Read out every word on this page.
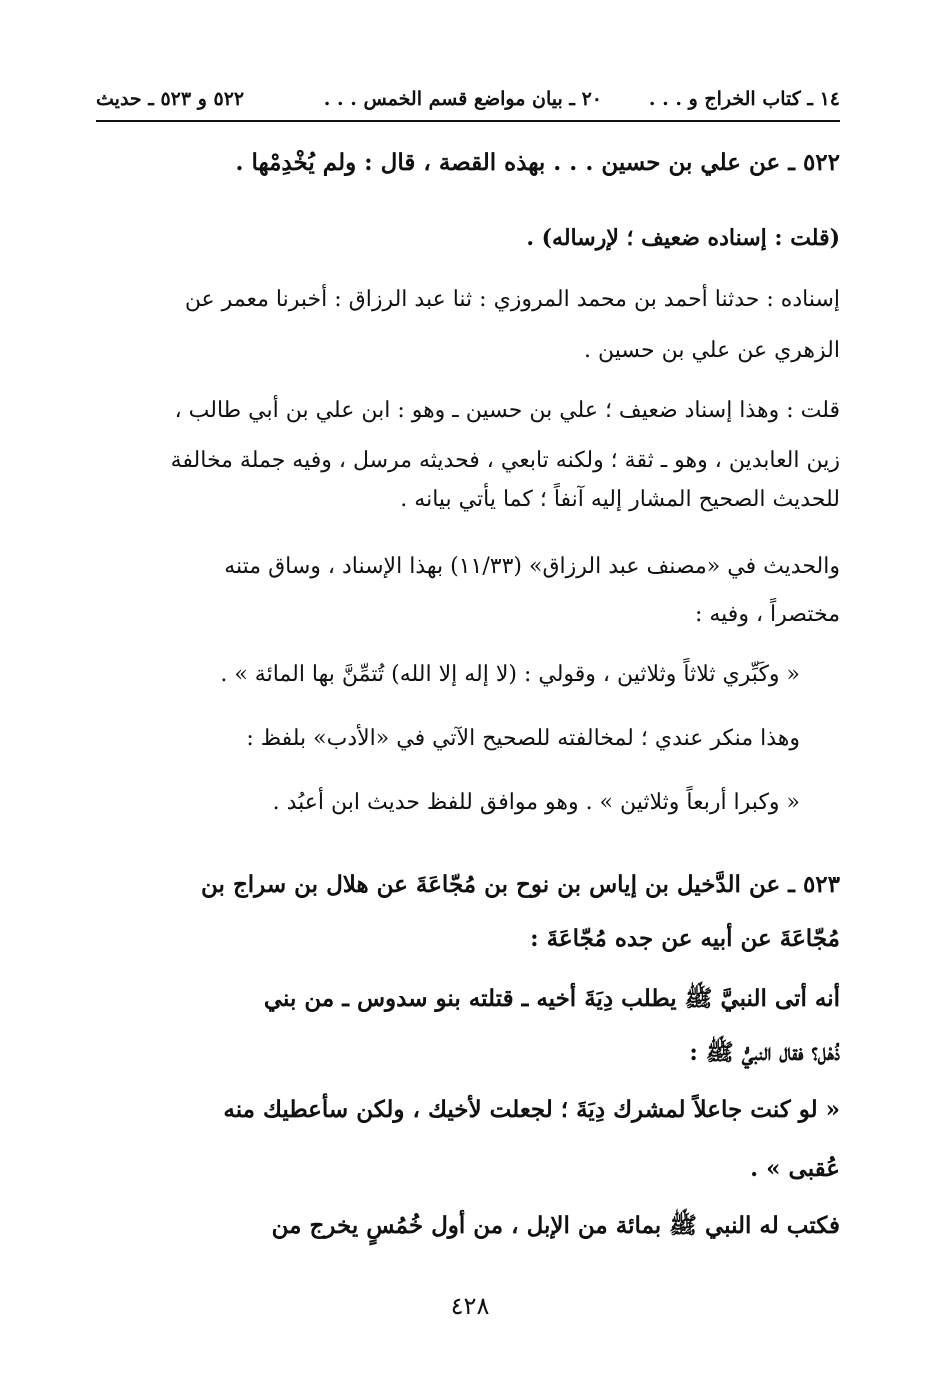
١٤ ـ كتاب الخراج و . . .
٢٠ ـ بيان مواضع قسم الخمس . . .
٥٢٢ و ٥٢٣ ـ حديث
٥٢٢ ـ عن علي بن حسين . . . بهذه القصة ، قال : ولم يُخْدِمْها .
(قلت : إسناده ضعيف ؛ لإرساله) .
إسناده : حدثنا أحمد بن محمد المروزي : ثنا عبد الرزاق : أخبرنا معمر عن
الزهري عن علي بن حسين .
قلت : وهذا إسناد ضعيف ؛ علي بن حسين ـ وهو : ابن علي بن أبي طالب ،
زين العابدين ، وهو ـ ثقة ؛ ولكنه تابعي ، فحديثه مرسل ، وفيه جملة مخالفة
للحديث الصحيح المشار إليه آنفاً ؛ كما يأتي بيانه .
والحديث في «مصنف عبد الرزاق» (١١/٣٣) بهذا الإسناد ، وساق متنه
مختصراً ، وفيه :
« وكَبِّري ثلاثاً وثلاثين ، وقولي : (لا إله إلا الله) تُتمِّنَّ بها المائة » .
وهذا منكر عندي ؛ لمخالفته للصحيح الآتي في «الأدب» بلفظ :
« وكبرا أربعاً وثلاثين » . وهو موافق للفظ حديث ابن أعبُد .
٥٢٣ ـ عن الدَّخيل بن إياس بن نوح بن مُجّاعَةَ عن هلال بن سراج بن
مُجّاعَةَ عن أبيه عن جده مُجّاعَةَ :
أنه أتى النبيَّ ﷺ يطلب دِيَةَ أخيه ـ قتلته بنو سدوس ـ من بني
ذُهْل؟ فقال النبيُّ ﷺ :
« لو كنت جاعلاً لمشرك دِيَةَ ؛ لجعلت لأخيك ، ولكن سأعطيك منه
عُقبى » .
فكتب له النبي ﷺ بمائة من الإبل ، من أول خُمُسٍ يخرج من
٤٢٨
